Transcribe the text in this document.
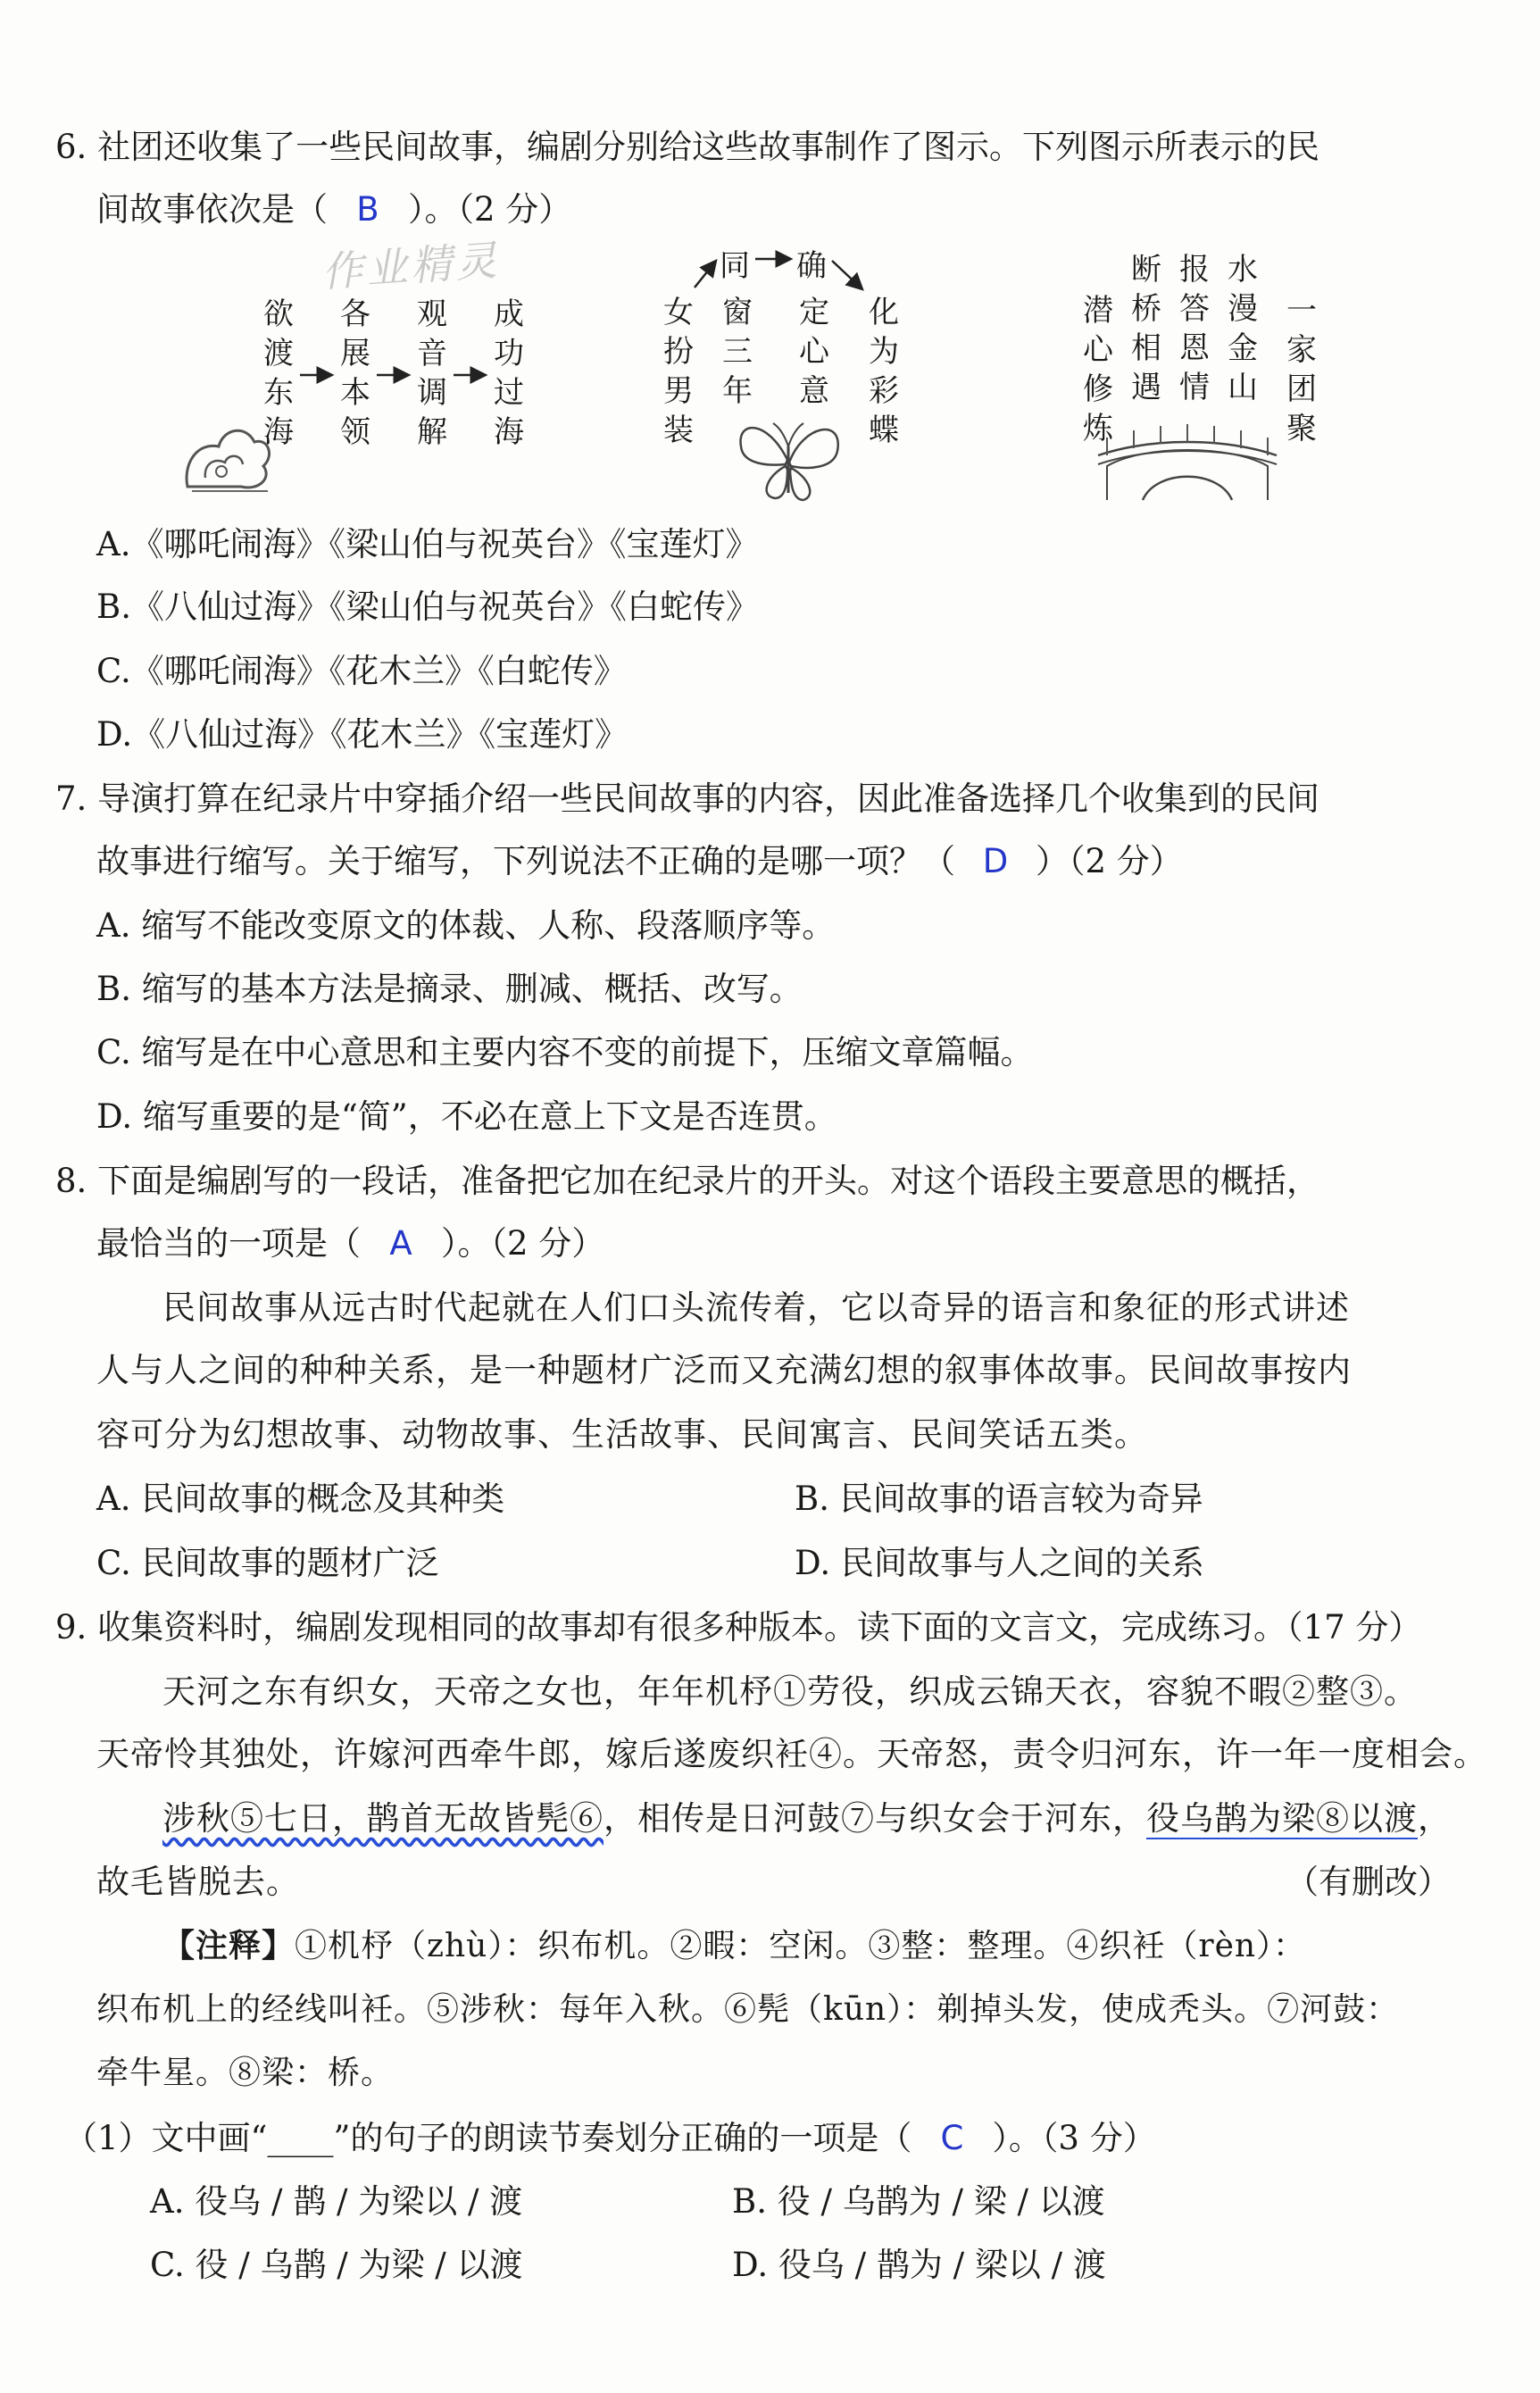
6. 社团还收集了一些民间故事，编剧分别给这些故事制作了图示。下列图示所表示的民
间故事依次是（ B ）。（2 分）
作业精灵
欲
渡
东
海
各
展
本
领
观
音
调
解
成
功
过
海
同 确
女
扮
男
装
窗
三
年
定
心
意
化
为
彩
蝶
潜
心
修
炼
断
桥
相
遇
报
答
恩
情
水
漫
金
山
一
家
团
聚
A.《哪吒闹海》《梁山伯与祝英台》《宝莲灯》
B.《八仙过海》《梁山伯与祝英台》《白蛇传》
C.《哪吒闹海》《花木兰》《白蛇传》
D.《八仙过海》《花木兰》《宝莲灯》
7. 导演打算在纪录片中穿插介绍一些民间故事的内容，因此准备选择几个收集到的民间
故事进行缩写。关于缩写，下列说法不正确的是哪一项？（ D ）（2 分）
A. 缩写不能改变原文的体裁、人称、段落顺序等。
B. 缩写的基本方法是摘录、删减、概括、改写。
C. 缩写是在中心意思和主要内容不变的前提下，压缩文章篇幅。
D. 缩写重要的是“简”，不必在意上下文是否连贯。
8. 下面是编剧写的一段话，准备把它加在纪录片的开头。对这个语段主要意思的概括，
最恰当的一项是（ A ）。（2 分）
民间故事从远古时代起就在人们口头流传着，它以奇异的语言和象征的形式讲述
人与人之间的种种关系，是一种题材广泛而又充满幻想的叙事体故事。民间故事按内
容可分为幻想故事、动物故事、生活故事、民间寓言、民间笑话五类。
A. 民间故事的概念及其种类	B. 民间故事的语言较为奇异
C. 民间故事的题材广泛	D. 民间故事与人之间的关系
9. 收集资料时，编剧发现相同的故事却有很多种版本。读下面的文言文，完成练习。（17 分）
天河之东有织女，天帝之女也，年年机杼①劳役，织成云锦天衣，容貌不暇②整③。
天帝怜其独处，许嫁河西牵牛郎，嫁后遂废织衽④。天帝怒，责令归河东，许一年一度相会。
涉秋⑤七日，鹊首无故皆髡⑥，相传是日河鼓⑦与织女会于河东，役乌鹊为梁⑧以渡，
故毛皆脱去。	（有删改）
【注释】①机杼（zhù）：织布机。②暇：空闲。③整：整理。④织衽（rèn）：
织布机上的经线叫衽。⑤涉秋：每年入秋。⑥髡（kūn）：剃掉头发，使成秃头。⑦河鼓：
牵牛星。⑧梁：桥。
（1）文中画“____”的句子的朗读节奏划分正确的一项是（ C ）。（3 分）
A. 役乌 / 鹊 / 为梁以 / 渡	B. 役 / 乌鹊为 / 梁 / 以渡
C. 役 / 乌鹊 / 为梁 / 以渡	D. 役乌 / 鹊为 / 梁以 / 渡
